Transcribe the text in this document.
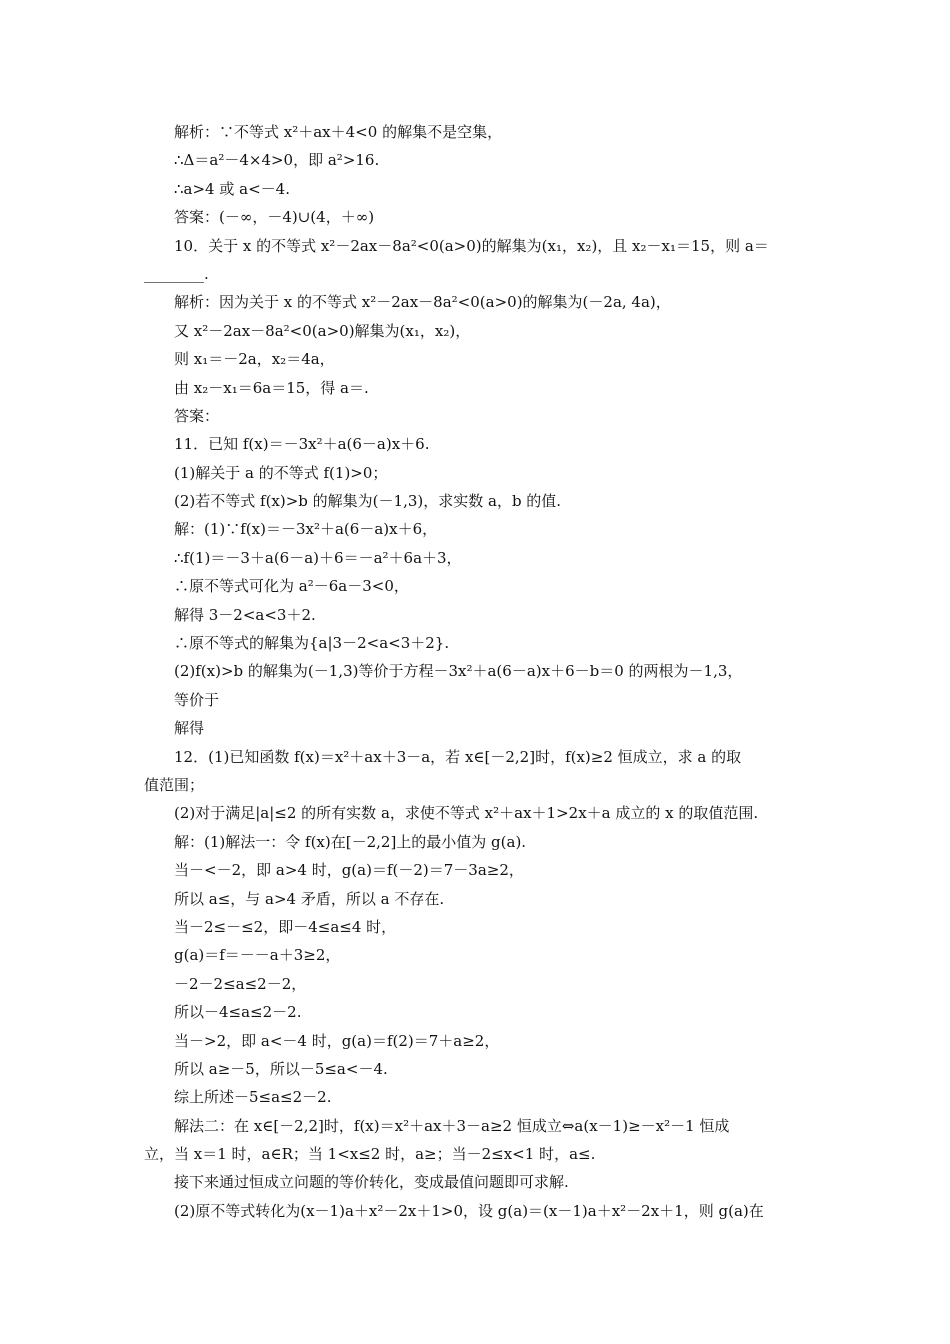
解析：∵不等式 x²＋ax＋4<0 的解集不是空集，
∴Δ＝a²－4×4>0，即 a²>16.
∴a>4 或 a<－4.
答案：(－∞，－4)∪(4，＋∞)
10．关于 x 的不等式 x²－2ax－8a²<0(a>0)的解集为(x₁，x₂)，且 x₂－x₁＝15，则 a＝
________.
解析：因为关于 x 的不等式 x²－2ax－8a²<0(a>0)的解集为(－2a, 4a)，
又 x²－2ax－8a²<0(a>0)解集为(x₁，x₂)，
则 x₁＝－2a，x₂＝4a，
由 x₂－x₁＝6a＝15，得 a＝.
答案：
11．已知 f(x)＝－3x²＋a(6－a)x＋6.
(1)解关于 a 的不等式 f(1)>0；
(2)若不等式 f(x)>b 的解集为(－1,3)，求实数 a，b 的值.
解：(1)∵f(x)＝－3x²＋a(6－a)x＋6，
∴f(1)＝－3＋a(6－a)＋6＝－a²＋6a＋3，
∴原不等式可化为 a²－6a－3<0，
解得 3－2<a<3＋2.
∴原不等式的解集为{a|3－2<a<3＋2}.
(2)f(x)>b 的解集为(－1,3)等价于方程－3x²＋a(6－a)x＋6－b＝0 的两根为－1,3，
等价于
解得
12．(1)已知函数 f(x)＝x²＋ax＋3－a，若 x∈[－2,2]时，f(x)≥2 恒成立，求 a 的取
值范围；
(2)对于满足|a|≤2 的所有实数 a，求使不等式 x²＋ax＋1>2x＋a 成立的 x 的取值范围.
解：(1)解法一：令 f(x)在[－2,2]上的最小值为 g(a).
当－<－2，即 a>4 时，g(a)＝f(－2)＝7－3a≥2，
所以 a≤，与 a>4 矛盾，所以 a 不存在.
当－2≤－≤2，即－4≤a≤4 时，
g(a)＝f＝－－a＋3≥2，
－2－2≤a≤2－2，
所以－4≤a≤2－2.
当－>2，即 a<－4 时，g(a)＝f(2)＝7＋a≥2，
所以 a≥－5，所以－5≤a<－4.
综上所述－5≤a≤2－2.
解法二：在 x∈[－2,2]时，f(x)＝x²＋ax＋3－a≥2 恒成立⇔a(x－1)≥－x²－1 恒成
立，当 x＝1 时，a∈R；当 1<x≤2 时，a≥；当－2≤x<1 时，a≤.
接下来通过恒成立问题的等价转化，变成最值问题即可求解.
(2)原不等式转化为(x－1)a＋x²－2x＋1>0，设 g(a)＝(x－1)a＋x²－2x＋1，则 g(a)在
